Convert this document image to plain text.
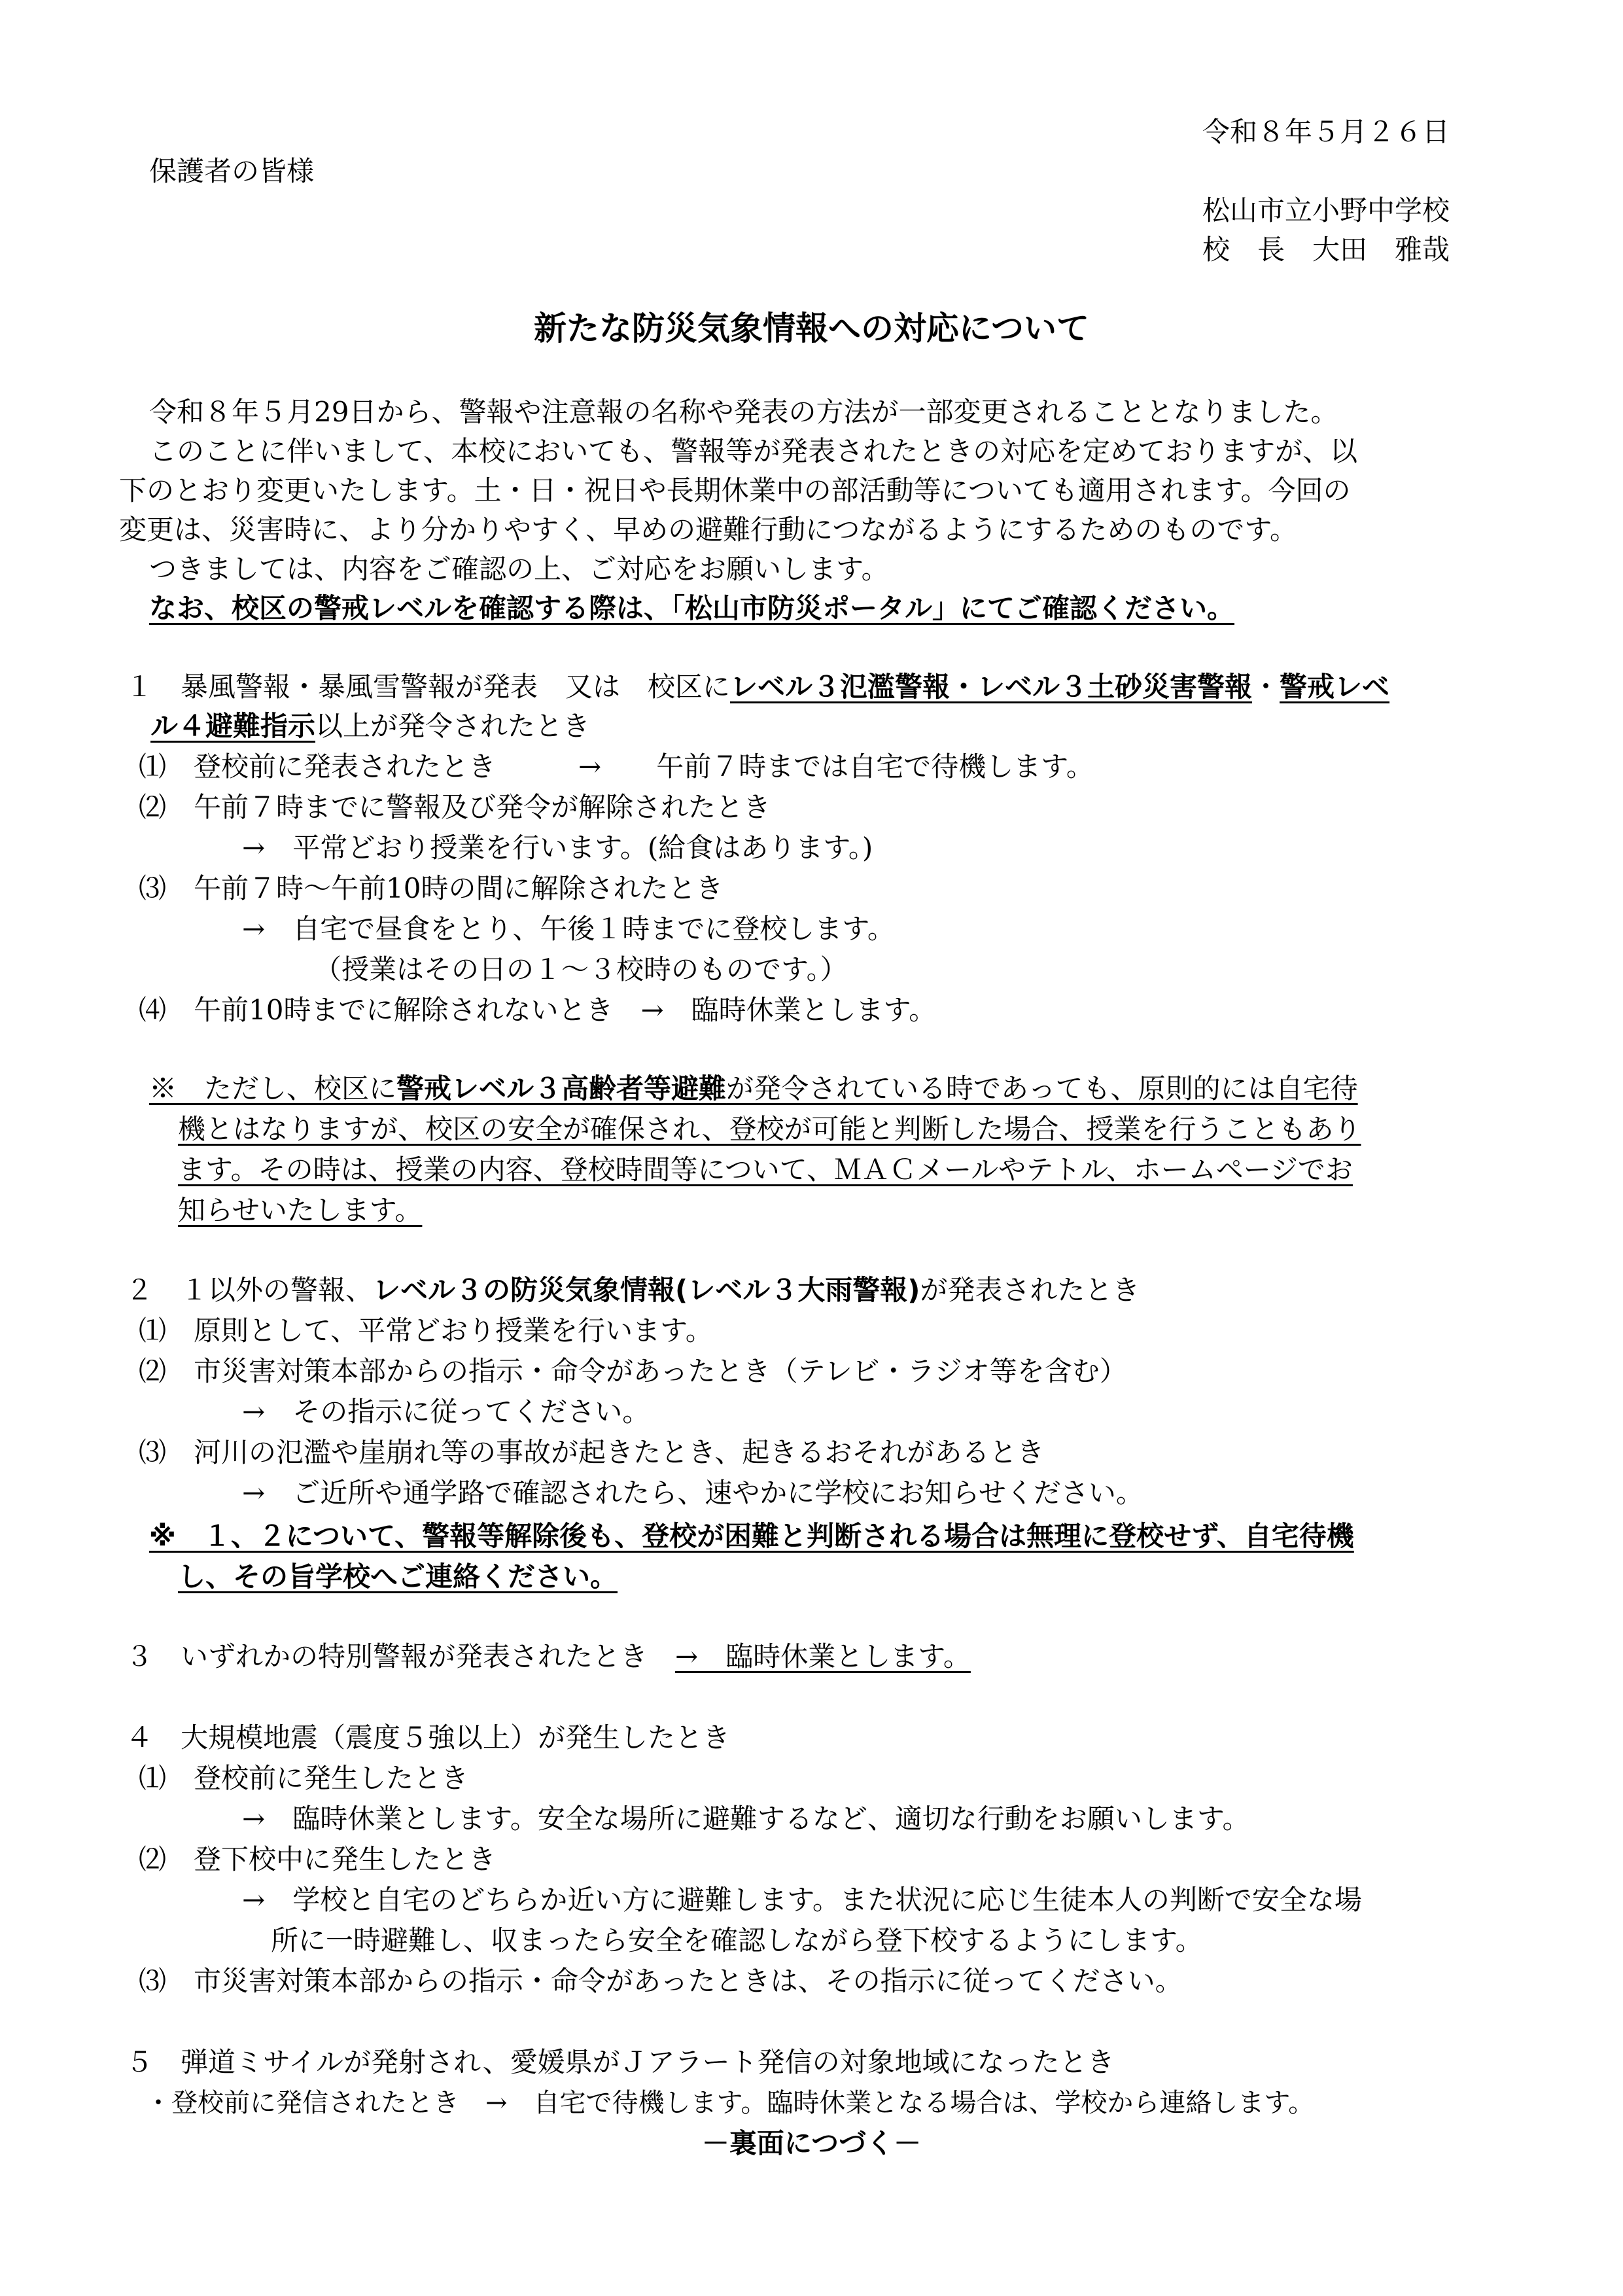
令和８年５月２６日
保護者の皆様
松山市立小野中学校
校　長　大田　雅哉
新たな防災気象情報への対応について
令和８年５月29日から、警報や注意報の名称や発表の方法が一部変更されることとなりました。
このことに伴いまして、本校においても、警報等が発表されたときの対応を定めておりますが、以
下のとおり変更いたします。土・日・祝日や長期休業中の部活動等についても適用されます。今回の
変更は、災害時に、より分かりやすく、早めの避難行動につながるようにするためのものです。
つきましては、内容をご確認の上、ご対応をお願いします。
なお、校区の警戒レベルを確認する際は、「松山市防災ポータル」にてご確認ください。
１　暴風警報・暴風雪警報が発表　又は　校区にレベル３氾濫警報・レベル３土砂災害警報・警戒レベ
ル４避難指示以上が発令されたとき
⑴　登校前に発表されたとき　　　→　　午前７時までは自宅で待機します。
⑵　午前７時までに警報及び発令が解除されたとき
→　平常どおり授業を行います。(給食はあります。)
⑶　午前７時～午前10時の間に解除されたとき
→　自宅で昼食をとり、午後１時までに登校します。
（授業はその日の１～３校時のものです。）
⑷　午前10時までに解除されないとき　→　臨時休業とします。
※　ただし、校区に警戒レベル３高齢者等避難が発令されている時であっても、原則的には自宅待
機とはなりますが、校区の安全が確保され、登校が可能と判断した場合、授業を行うこともあり
ます。その時は、授業の内容、登校時間等について、ＭＡＣメールやテトル、ホームページでお
知らせいたします。
２　１以外の警報、レベル３の防災気象情報(レベル３大雨警報)が発表されたとき
⑴　原則として、平常どおり授業を行います。
⑵　市災害対策本部からの指示・命令があったとき（テレビ・ラジオ等を含む）
→　その指示に従ってください。
⑶　河川の氾濫や崖崩れ等の事故が起きたとき、起きるおそれがあるとき
→　ご近所や通学路で確認されたら、速やかに学校にお知らせください。
※　１、２について、警報等解除後も、登校が困難と判断される場合は無理に登校せず、自宅待機
し、その旨学校へご連絡ください。
３　いずれかの特別警報が発表されたとき　→　臨時休業とします。
４　大規模地震（震度５強以上）が発生したとき
⑴　登校前に発生したとき
→　臨時休業とします。安全な場所に避難するなど、適切な行動をお願いします。
⑵　登下校中に発生したとき
→　学校と自宅のどちらか近い方に避難します。また状況に応じ生徒本人の判断で安全な場
所に一時避難し、収まったら安全を確認しながら登下校するようにします。
⑶　市災害対策本部からの指示・命令があったときは、その指示に従ってください。
５　弾道ミサイルが発射され、愛媛県がＪアラート発信の対象地域になったとき
・登校前に発信されたとき　→　自宅で待機します。臨時休業となる場合は、学校から連絡します。
－裏面につづく－
